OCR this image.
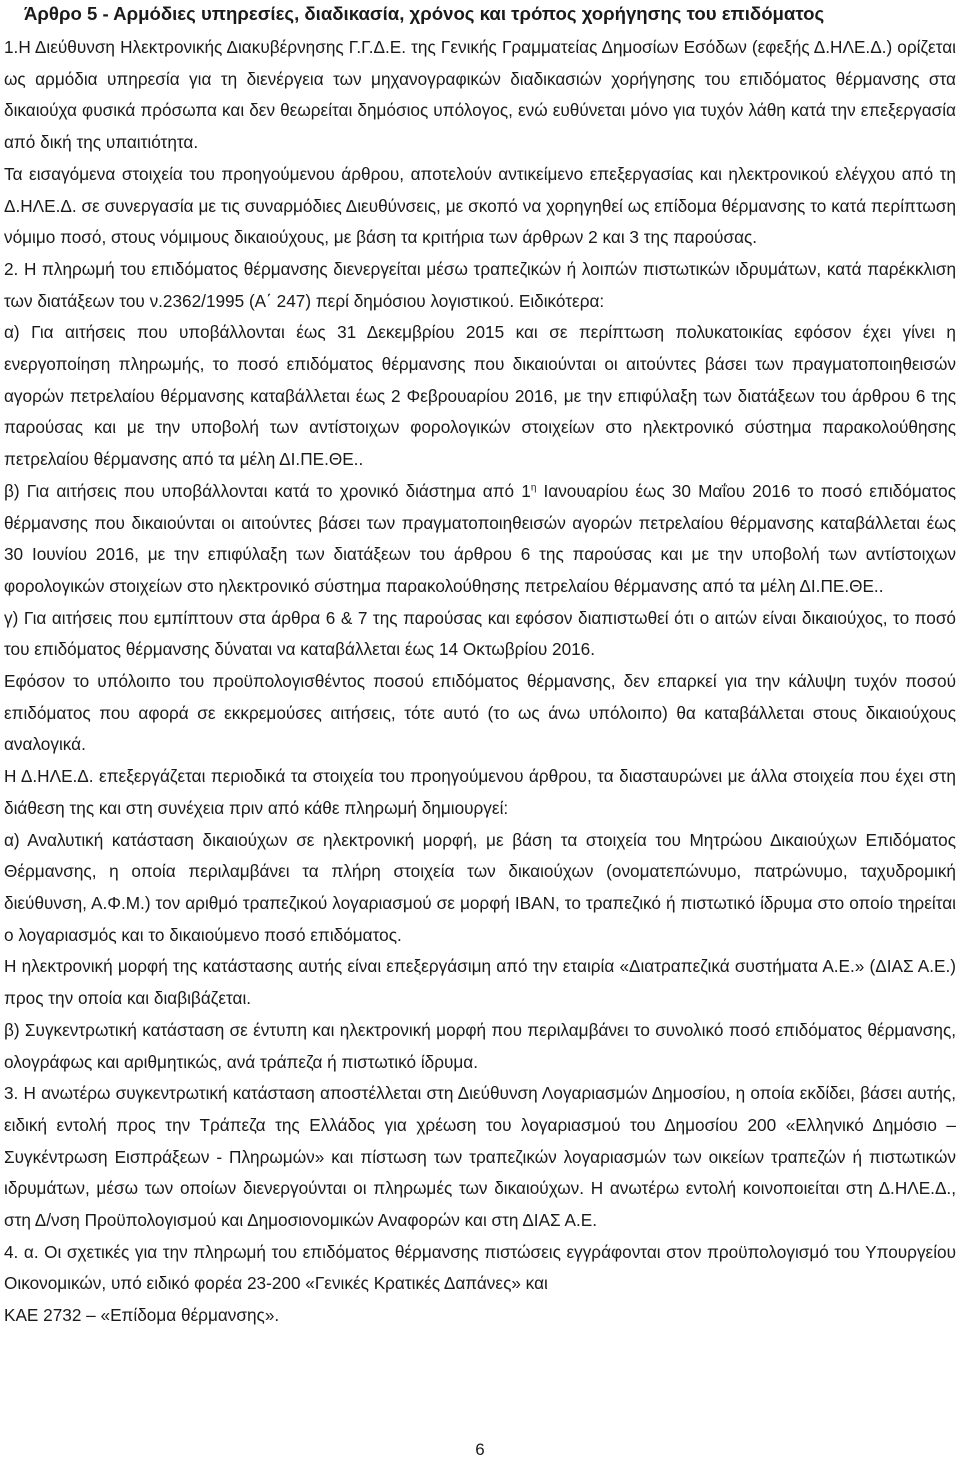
Άρθρο 5 - Αρμόδιες υπηρεσίες, διαδικασία, χρόνος και τρόπος χορήγησης του επιδόματος

1.Η Διεύθυνση Ηλεκτρονικής Διακυβέρνησης Γ.Γ.Δ.Ε. της Γενικής Γραμματείας Δημοσίων Εσόδων (εφεξής Δ.ΗΛΕ.Δ.) ορίζεται ως αρμόδια υπηρεσία για τη διενέργεια των μηχανογραφικών διαδικασιών χορήγησης του επιδόματος θέρμανσης στα δικαιούχα φυσικά πρόσωπα και δεν θεωρείται δημόσιος υπόλογος, ενώ ευθύνεται μόνο για τυχόν λάθη κατά την επεξεργασία από δική της υπαιτιότητα.

Τα εισαγόμενα στοιχεία του προηγούμενου άρθρου, αποτελούν αντικείμενο επεξεργασίας και ηλεκτρονικού ελέγχου από τη Δ.ΗΛΕ.Δ. σε συνεργασία με τις συναρμόδιες Διευθύνσεις, με σκοπό να χορηγηθεί ως επίδομα θέρμανσης το κατά περίπτωση νόμιμο ποσό, στους νόμιμους δικαιούχους, με βάση τα κριτήρια των άρθρων 2 και 3 της παρούσας.

2. Η πληρωμή του επιδόματος θέρμανσης διενεργείται μέσω τραπεζικών ή λοιπών πιστωτικών ιδρυμάτων, κατά παρέκκλιση των διατάξεων του ν.2362/1995 (Α΄ 247) περί δημόσιου λογιστικού. Ειδικότερα:

α) Για αιτήσεις που υποβάλλονται έως 31 Δεκεμβρίου 2015 και σε περίπτωση πολυκατοικίας εφόσον έχει γίνει η ενεργοποίηση πληρωμής, το ποσό επιδόματος θέρμανσης που δικαιούνται οι αιτούντες βάσει των πραγματοποιηθεισών αγορών πετρελαίου θέρμανσης καταβάλλεται έως 2 Φεβρουαρίου 2016, με την επιφύλαξη των διατάξεων του άρθρου 6 της παρούσας και με την υποβολή των αντίστοιχων φορολογικών στοιχείων στο ηλεκτρονικό σύστημα παρακολούθησης πετρελαίου θέρμανσης από τα μέλη ΔΙ.ΠΕ.ΘΕ..

β) Για αιτήσεις που υποβάλλονται κατά το χρονικό διάστημα από $1^\eta$ Ιανουαρίου έως 30 Μαΐου 2016 το ποσό επιδόματος θέρμανσης που δικαιούνται οι αιτούντες βάσει των πραγματοποιηθεισών αγορών πετρελαίου θέρμανσης καταβάλλεται έως 30 Ιουνίου 2016, με την επιφύλαξη των διατάξεων του άρθρου 6 της παρούσας και με την υποβολή των αντίστοιχων φορολογικών στοιχείων στο ηλεκτρονικό σύστημα παρακολούθησης πετρελαίου θέρμανσης από τα μέλη ΔΙ.ΠΕ.ΘΕ..

γ) Για αιτήσεις που εμπίπτουν στα άρθρα 6 & 7 της παρούσας και εφόσον διαπιστωθεί ότι ο αιτών είναι δικαιούχος, το ποσό του επιδόματος θέρμανσης δύναται να καταβάλλεται έως 14 Οκτωβρίου 2016.

Εφόσον το υπόλοιπο του προϋπολογισθέντος ποσού επιδόματος θέρμανσης, δεν επαρκεί για την κάλυψη τυχόν ποσού επιδόματος που αφορά σε εκκρεμούσες αιτήσεις, τότε αυτό (το ως άνω υπόλοιπο) θα καταβάλλεται στους δικαιούχους αναλογικά.

Η Δ.ΗΛΕ.Δ. επεξεργάζεται περιοδικά τα στοιχεία του προηγούμενου άρθρου, τα διασταυρώνει με άλλα στοιχεία που έχει στη διάθεση της και στη συνέχεια πριν από κάθε πληρωμή δημιουργεί:

α) Αναλυτική κατάσταση δικαιούχων σε ηλεκτρονική μορφή, με βάση τα στοιχεία του Μητρώου Δικαιούχων Επιδόματος Θέρμανσης, η οποία περιλαμβάνει τα πλήρη στοιχεία των δικαιούχων (ονοματεπώνυμο, πατρώνυμο, ταχυδρομική διεύθυνση, Α.Φ.Μ.) τον αριθμό τραπεζικού λογαριασμού σε μορφή ΙΒΑΝ, το τραπεζικό ή πιστωτικό ίδρυμα στο οποίο τηρείται ο λογαριασμός και το δικαιούμενο ποσό επιδόματος.

Η ηλεκτρονική μορφή της κατάστασης αυτής είναι επεξεργάσιμη από την εταιρία «Διατραπεζικά συστήματα Α.Ε.» (ΔΙΑΣ Α.Ε.) προς την οποία και διαβιβάζεται.

β) Συγκεντρωτική κατάσταση σε έντυπη και ηλεκτρονική μορφή που περιλαμβάνει το συνολικό ποσό επιδόματος θέρμανσης, ολογράφως και αριθμητικώς, ανά τράπεζα ή πιστωτικό ίδρυμα.

3. Η ανωτέρω συγκεντρωτική κατάσταση αποστέλλεται στη Διεύθυνση Λογαριασμών Δημοσίου, η οποία εκδίδει, βάσει αυτής, ειδική εντολή προς την Τράπεζα της Ελλάδος για χρέωση του λογαριασμού του Δημοσίου 200 «Ελληνικό Δημόσιο – Συγκέντρωση Εισπράξεων - Πληρωμών» και πίστωση των τραπεζικών λογαριασμών των οικείων τραπεζών ή πιστωτικών ιδρυμάτων, μέσω των οποίων διενεργούνται οι πληρωμές των δικαιούχων. Η ανωτέρω εντολή κοινοποιείται στη Δ.ΗΛΕ.Δ., στη Δ/νση Προϋπολογισμού και Δημοσιονομικών Αναφορών και στη ΔΙΑΣ Α.Ε.

4. α. Οι σχετικές για την πληρωμή του επιδόματος θέρμανσης πιστώσεις εγγράφονται στον προϋπολογισμό του Υπουργείου Οικονομικών, υπό ειδικό φορέα 23-200 «Γενικές Κρατικές Δαπάνες» και

ΚΑΕ 2732 – «Επίδομα θέρμανσης».

6
